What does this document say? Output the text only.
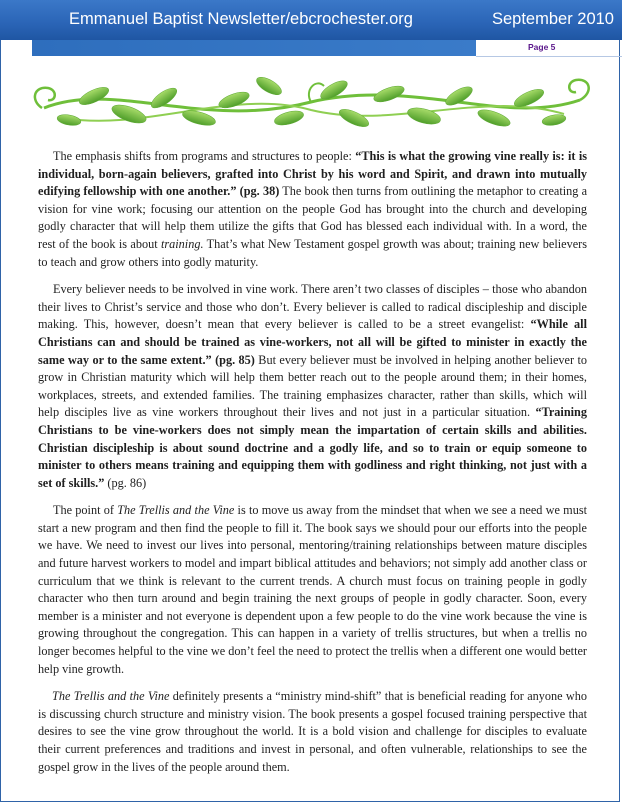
Emmanuel Baptist Newsletter/ebcrochester.org	September 2010
Page 5

The emphasis shifts from programs and structures to people: “This is what the growing vine really is: it is individual, born-again believers, grafted into Christ by his word and Spirit, and drawn into mutually edifying fellowship with one another.” (pg. 38) The book then turns from outlining the metaphor to creating a vision for vine work; focusing our attention on the people God has brought into the church and developing godly character that will help them utilize the gifts that God has blessed each individual with. In a word, the rest of the book is about training. That’s what New Testament gospel growth was about; training new believers to teach and grow others into godly maturity.

Every believer needs to be involved in vine work. There aren’t two classes of disciples – those who abandon their lives to Christ’s service and those who don’t. Every believer is called to radical discipleship and disciple making. This, however, doesn’t mean that every believer is called to be a street evangelist: “While all Christians can and should be trained as vine-workers, not all will be gifted to minister in exactly the same way or to the same extent.” (pg. 85) But every believer must be involved in helping another believer to grow in Christian maturity which will help them better reach out to the people around them; in their homes, workplaces, streets, and extended families. The training emphasizes character, rather than skills, which will help disciples live as vine workers throughout their lives and not just in a particular situation. “Training Christians to be vine-workers does not simply mean the impartation of certain skills and abilities. Christian discipleship is about sound doctrine and a godly life, and so to train or equip someone to minister to others means training and equipping them with godliness and right thinking, not just with a set of skills.” (pg. 86)

The point of The Trellis and the Vine is to move us away from the mindset that when we see a need we must start a new program and then find the people to fill it. The book says we should pour our efforts into the people we have. We need to invest our lives into personal, mentoring/training relationships between mature disciples and future harvest workers to model and impart biblical attitudes and behaviors; not simply add another class or curriculum that we think is relevant to the current trends. A church must focus on training people in godly character who then turn around and begin training the next groups of people in godly character. Soon, every member is a minister and not everyone is dependent upon a few people to do the vine work because the vine is growing throughout the congregation. This can happen in a variety of trellis structures, but when a trellis no longer becomes helpful to the vine we don’t feel the need to protect the trellis when a different one would better help vine growth.

The Trellis and the Vine definitely presents a “ministry mind-shift” that is beneficial reading for anyone who is discussing church structure and ministry vision. The book presents a gospel focused training perspective that desires to see the vine grow throughout the world. It is a bold vision and challenge for disciples to evaluate their current preferences and traditions and invest in personal, and often vulnerable, relationships to see the gospel grow in the lives of the people around them.
